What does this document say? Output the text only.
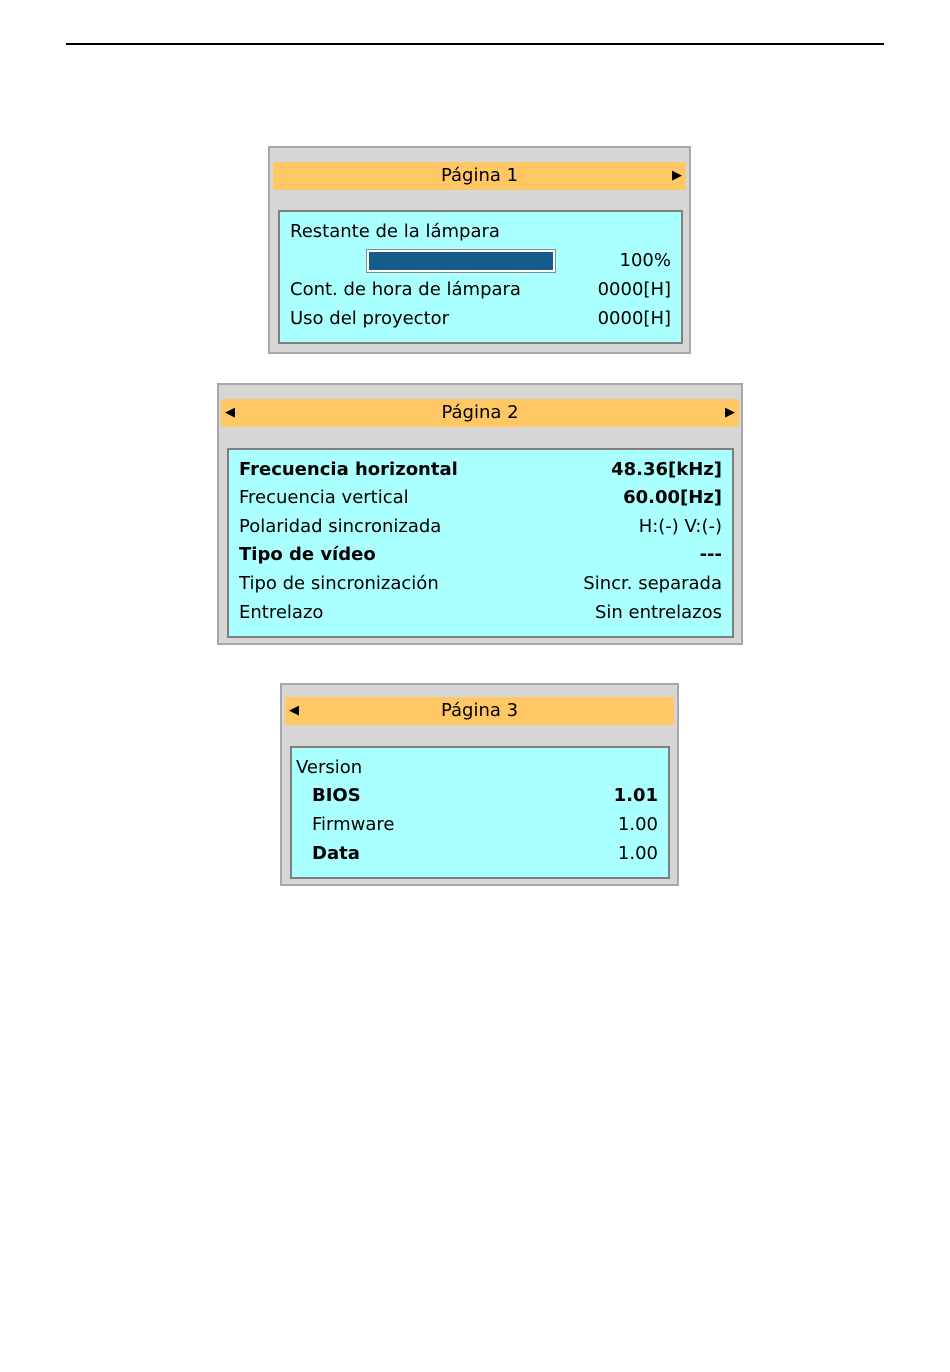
Página 1	▶
Restante de la lámpara
100%
Cont. de hora de lámpara	0000[H]
Uso del proyector	0000[H]
◀	Página 2	▶
Frecuencia horizontal	48.36[kHz]
Frecuencia vertical	60.00[Hz]
Polaridad sincronizada	H:(-) V:(-)
Tipo de vídeo	---
Tipo de sincronización	Sincr. separada
Entrelazo	Sin entrelazos
◀	Página 3
Version
BIOS	1.01
Firmware	1.00
Data	1.00
